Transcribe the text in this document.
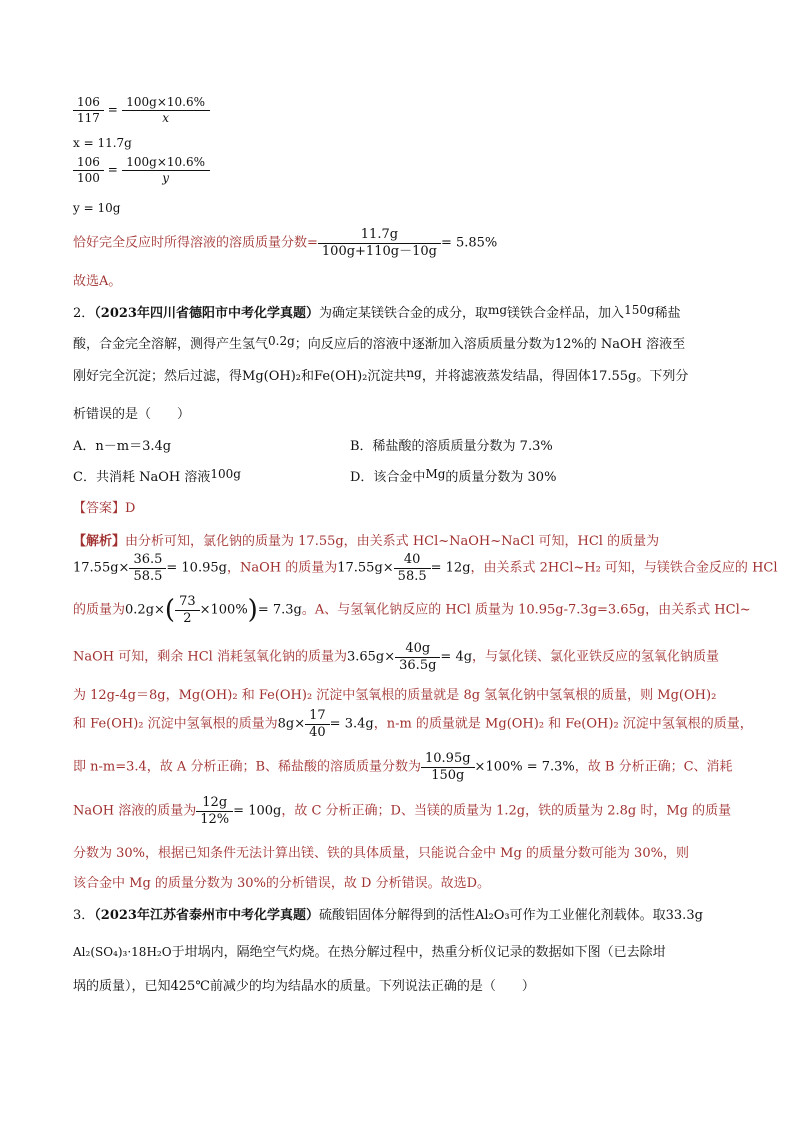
$\frac{106}{117} = \frac{100g\times 10.6\%}{x}$
x = 11.7g
$\frac{106}{100} = \frac{100g\times 10.6\%}{y}$
y = 10g
恰好完全反应时所得溶液的溶质质量分数= $\frac{11.7g}{100g+110g-10g} = 5.85\%$
故选A。
2．（2023年四川省德阳市中考化学真题）为确定某镁铁合金的成分，取mg镁铁合金样品，加入150g稀盐
酸，合金完全溶解，测得产生氢气0.2g；向反应后的溶液中逐渐加入溶质质量分数为12%的 NaOH 溶液至
刚好完全沉淀；然后过滤，得Mg(OH)₂和Fe(OH)₂沉淀共ng，并将滤液蒸发结晶，得固体17.55g。下列分
析错误的是（　　）
A．n－m＝3.4g	B．稀盐酸的溶质质量分数为 7.3%
C．共消耗 NaOH 溶液100g	D．该合金中Mg的质量分数为 30%
【答案】D
【解析】由分析可知，氯化钠的质量为 17.55g，由关系式 HCl~NaOH~NaCl 可知，HCl 的质量为
$17.55g\times \frac{36.5}{58.5} = 10.95g$，NaOH 的质量为$17.55g\times \frac{40}{58.5} = 12g$，由关系式 2HCl~H₂ 可知，与镁铁合金反应的 HCl
的质量为$0.2g\times( \frac{73}{2} \times 100\%)= 7.3g$。A、与氢氧化钠反应的 HCl 质量为 10.95g-7.3g=3.65g，由关系式 HCl~
NaOH 可知，剩余 HCl 消耗氢氧化钠的质量为$3.65g\times \frac{40g}{36.5g} = 4g$，与氯化镁、氯化亚铁反应的氢氧化钠质量
为 12g-4g＝8g，Mg(OH)₂ 和 Fe(OH)₂ 沉淀中氢氧根的质量就是 8g 氢氧化钠中氢氧根的质量，则 Mg(OH)₂
和 Fe(OH)₂ 沉淀中氢氧根的质量为$8g\times \frac{17}{40} = 3.4g$，n-m 的质量就是 Mg(OH)₂ 和 Fe(OH)₂ 沉淀中氢氧根的质量，
即 n-m=3.4，故 A 分析正确；B、稀盐酸的溶质质量分数为 $\frac{10.95g}{150g} \times 100\% = 7.3\%$，故 B 分析正确；C、消耗
NaOH 溶液的质量为 $\frac{12g}{12\%} = 100g$，故 C 分析正确；D、当镁的质量为 1.2g，铁的质量为 2.8g 时，Mg 的质量
分数为 30%，根据已知条件无法计算出镁、铁的具体质量，只能说合金中 Mg 的质量分数可能为 30%，则
该合金中 Mg 的质量分数为 30%的分析错误，故 D 分析错误。故选D。
3．（2023年江苏省泰州市中考化学真题）硫酸铝固体分解得到的活性Al₂O₃可作为工业催化剂载体。取33.3g
Al₂(SO₄)₃·18H₂O于坩埚内，隔绝空气灼烧。在热分解过程中，热重分析仪记录的数据如下图（已去除坩
埚的质量），已知425℃前减少的均为结晶水的质量。下列说法正确的是（　　）
